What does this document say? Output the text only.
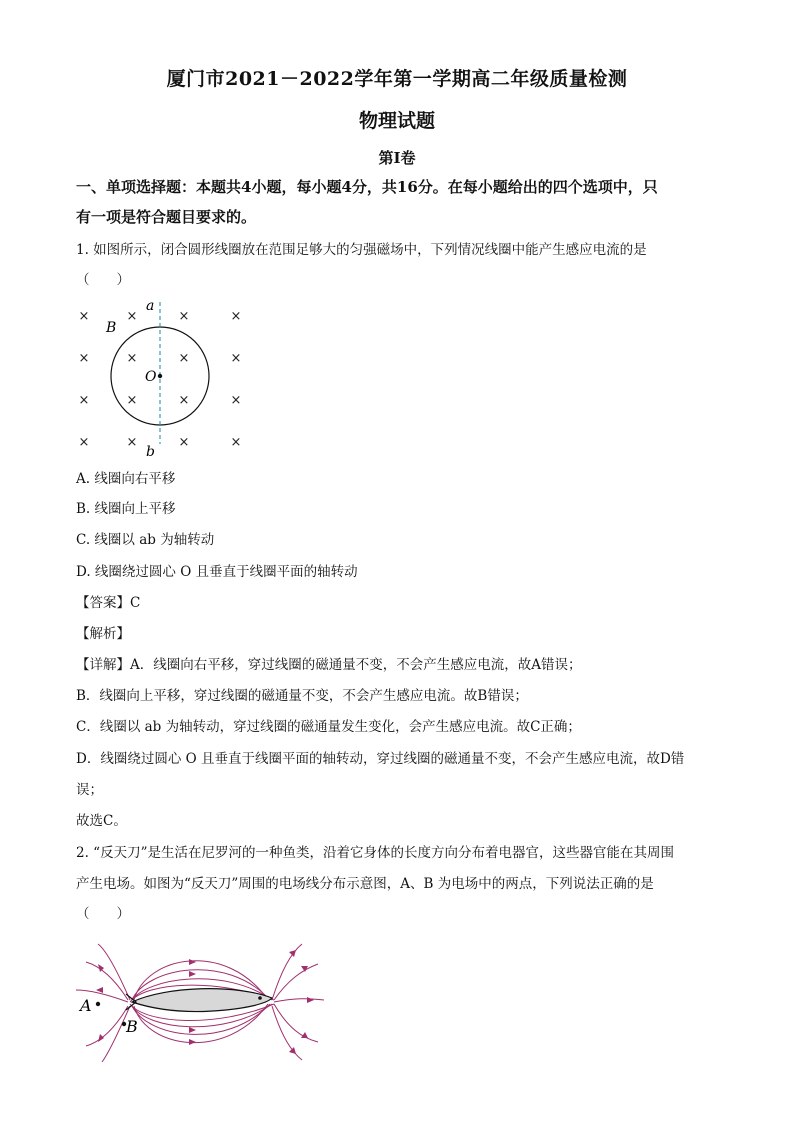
厦门市2021－2022学年第一学期高二年级质量检测
物理试题
第Ⅰ卷
一、单项选择题：本题共4小题，每小题4分，共16分。在每小题给出的四个选项中，只
有一项是符合题目要求的。
1. 如图所示，闭合圆形线圈放在范围足够大的匀强磁场中，下列情况线圈中能产生感应电流的是
（　　）
×	×	×	×
×	×	×	×
×	×	×	×
×	×	×	×
a
b
B
O
A. 线圈向右平移
B. 线圈向上平移
C. 线圈以 ab 为轴转动
D. 线圈绕过圆心 O 且垂直于线圈平面的轴转动
【答案】C
【解析】
【详解】A．线圈向右平移，穿过线圈的磁通量不变，不会产生感应电流，故A错误；
B．线圈向上平移，穿过线圈的磁通量不变，不会产生感应电流。故B错误；
C．线圈以 ab 为轴转动，穿过线圈的磁通量发生变化，会产生感应电流。故C正确；
D．线圈绕过圆心 O 且垂直于线圈平面的轴转动，穿过线圈的磁通量不变，不会产生感应电流，故D错
误；
故选C。
2. “反天刀”是生活在尼罗河的一种鱼类，沿着它身体的长度方向分布着电器官，这些器官能在其周围
产生电场。如图为“反天刀”周围的电场线分布示意图，A、B 为电场中的两点，下列说法正确的是
（　　）
A
B
